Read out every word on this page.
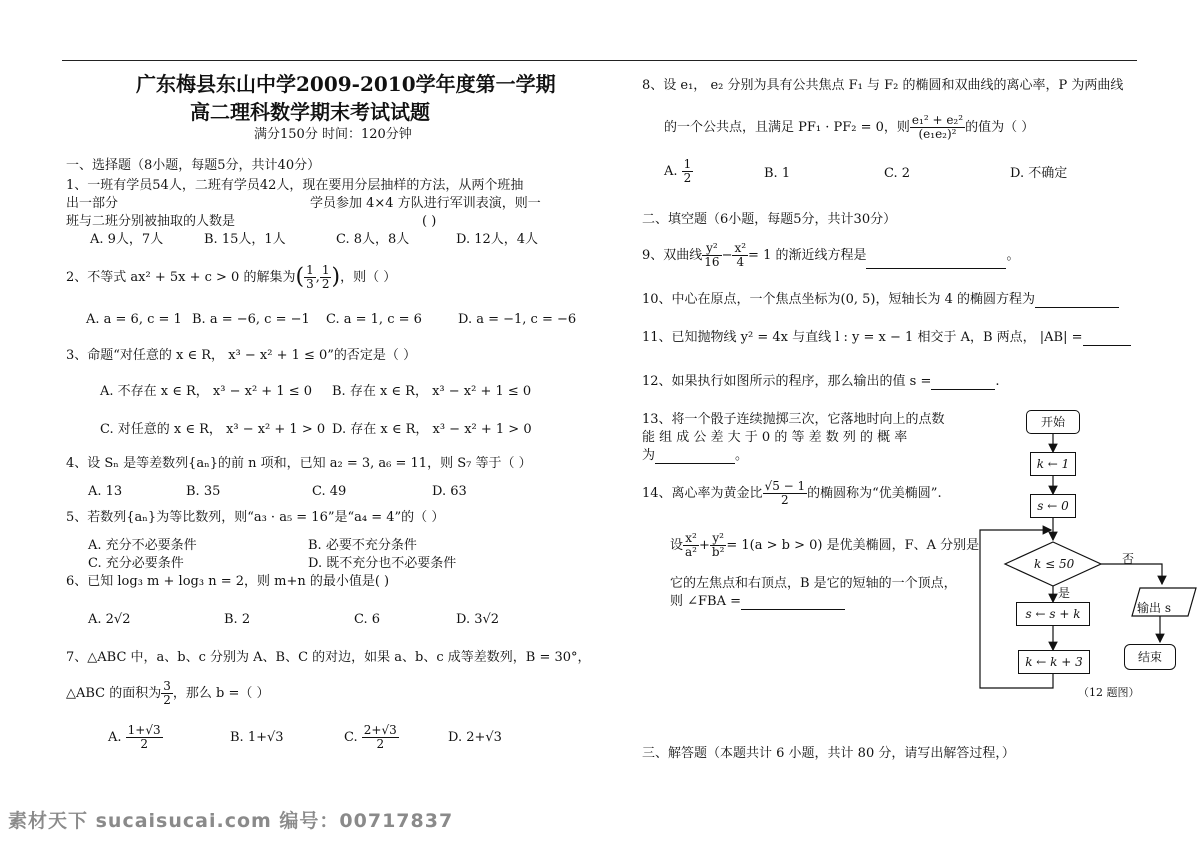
广东梅县东山中学2009-2010学年度第一学期
高二理科数学期末考试试题
满分150分 时间：120分钟
一、选择题（8小题，每题5分，共计40分）
1、一班有学员54人，二班有学员42人，现在要用分层抽样的方法，从两个班抽
出一部分	学员参加 4×4 方队进行军训表演，则一
班与二班分别被抽取的人数是	( )
A. 9人，7人	B. 15人，1人	C. 8人，8人	D. 12人，4人
2、不等式 ax² + 5x + c > 0 的解集为( $\frac{1}{3}$ , $\frac{1}{2}$ )，则（ ）
A. a = 6, c = 1 B. a = −6, c = −1 C. a = 1, c = 6	D. a = −1, c = −6
3、命题“对任意的 x ∈ R， x³ − x² + 1 ≤ 0”的否定是（ ）
A. 不存在 x ∈ R， x³ − x² + 1 ≤ 0 B. 存在 x ∈ R， x³ − x² + 1 ≤ 0
C. 对任意的 x ∈ R， x³ − x² + 1 > 0 D. 存在 x ∈ R， x³ − x² + 1 > 0
4、设 Sₙ 是等差数列{aₙ}的前 n 项和，已知 a₂ = 3, a₆ = 11，则 S₇ 等于（ ）
A. 13	B. 35	C. 49	D. 63
5、若数列{aₙ}为等比数列，则“a₃ · a₅ = 16”是“a₄ = 4”的（ ）
A. 充分不必要条件	B. 必要不充分条件
C. 充分必要条件	D. 既不充分也不必要条件
6、已知 log₃ m + log₃ n = 2，则 m+n 的最小值是( )
A. 2√2	B. 2	C. 6	D. 3√2
7、△ABC 中，a、b、c 分别为 A、B、C 的对边，如果 a、b、c 成等差数列，B = 30°，
△ABC 的面积为 $\frac{3}{2}$ ，那么 b =（ ）
A. $\frac{1+√3}{2}$	B. 1+√3	C. $\frac{2+√3}{2}$	D. 2+√3
8、设 e₁， e₂ 分别为具有公共焦点 F₁ 与 F₂ 的椭圆和双曲线的离心率，P 为两曲线
的一个公共点，且满足 PF₁ · PF₂ = 0，则 $\frac{\text{e₁² + e₂²}}{\text{(e₁e₂)²}}$ 的值为（ ）
A. $\frac{1}{2}$	B. 1	C. 2	D. 不确定
二、填空题（6小题，每题5分，共计30分）
9、双曲线 $\frac{\text{y²}}{16} - \frac{\text{x²}}{4} = 1$ 的渐近线方程是	。
10、中心在原点，一个焦点坐标为(0, 5)，短轴长为 4 的椭圆方程为
11、已知抛物线 y² = 4x 与直线 l : y = x − 1 相交于 A，B 两点， |AB| =
12、如果执行如图所示的程序，那么输出的值 s =	.
13、将一个骰子连续抛掷三次，它落地时向上的点数
能 组 成 公 差 大 于 0 的 等 差 数 列 的 概 率
为	。
14、离心率为黄金比 $\frac{√5 - 1}{2}$ 的椭圆称为“优美椭圆”.
设 $\frac{\text{x²}}{\text{a²}} + \frac{\text{y²}}{\text{b²}} = 1(a > b > 0)$ 是优美椭圆，F、A 分别是
它的左焦点和右顶点，B 是它的短轴的一个顶点，
则 ∠FBA =
开始
k ← 1
s ← 0
k ≤ 50
是
否
s ← s + k
k ← k + 3
输出 s
结束
（12 题图）
三、解答题（本题共计 6 小题，共计 80 分，请写出解答过程，）
素材天下 sucaisucai.com 编号：00717837
